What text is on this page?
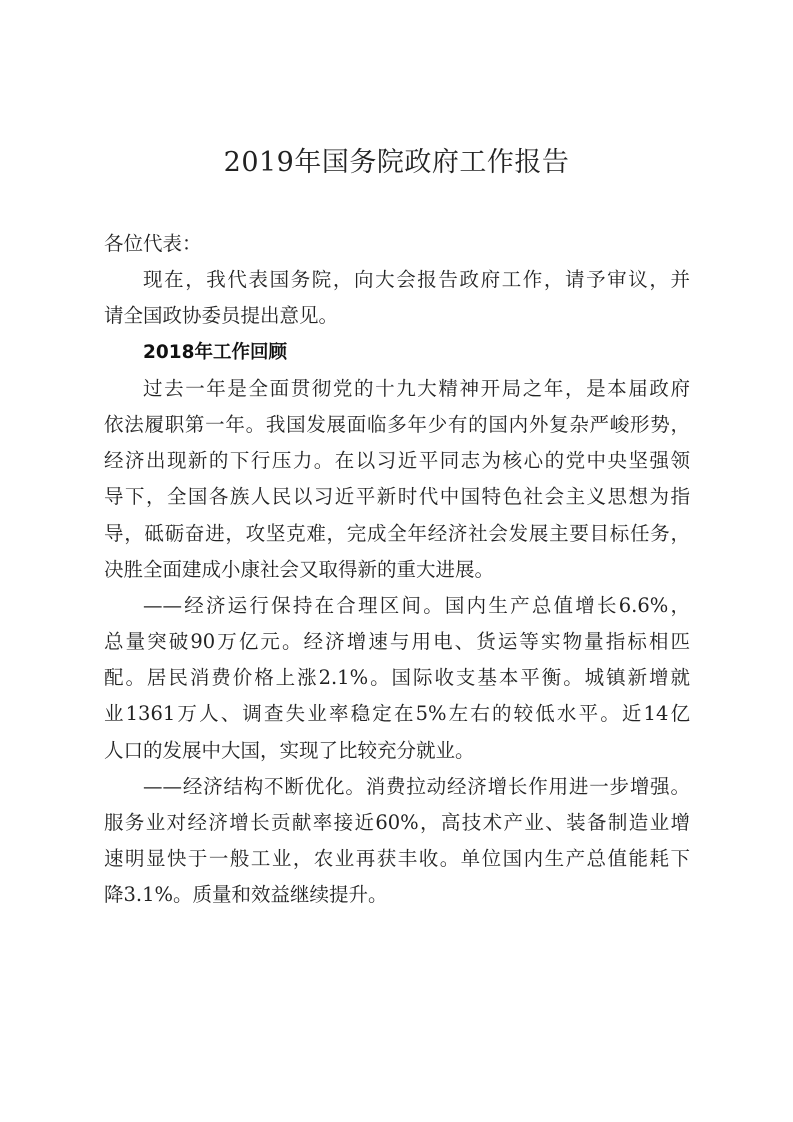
2019年国务院政府工作报告
各位代表：
现在，我代表国务院，向大会报告政府工作，请予审议，并
请全国政协委员提出意见。
2018年工作回顾
过去一年是全面贯彻党的十九大精神开局之年，是本届政府
依法履职第一年。我国发展面临多年少有的国内外复杂严峻形势，
经济出现新的下行压力。在以习近平同志为核心的党中央坚强领
导下，全国各族人民以习近平新时代中国特色社会主义思想为指
导，砥砺奋进，攻坚克难，完成全年经济社会发展主要目标任务，
决胜全面建成小康社会又取得新的重大进展。
——经济运行保持在合理区间。国内生产总值增长6.6%，
总量突破90万亿元。经济增速与用电、货运等实物量指标相匹
配。居民消费价格上涨2.1%。国际收支基本平衡。城镇新增就
业1361万人、调查失业率稳定在5%左右的较低水平。近14亿
人口的发展中大国，实现了比较充分就业。
——经济结构不断优化。消费拉动经济增长作用进一步增强。
服务业对经济增长贡献率接近60%，高技术产业、装备制造业增
速明显快于一般工业，农业再获丰收。单位国内生产总值能耗下
降3.1%。质量和效益继续提升。
